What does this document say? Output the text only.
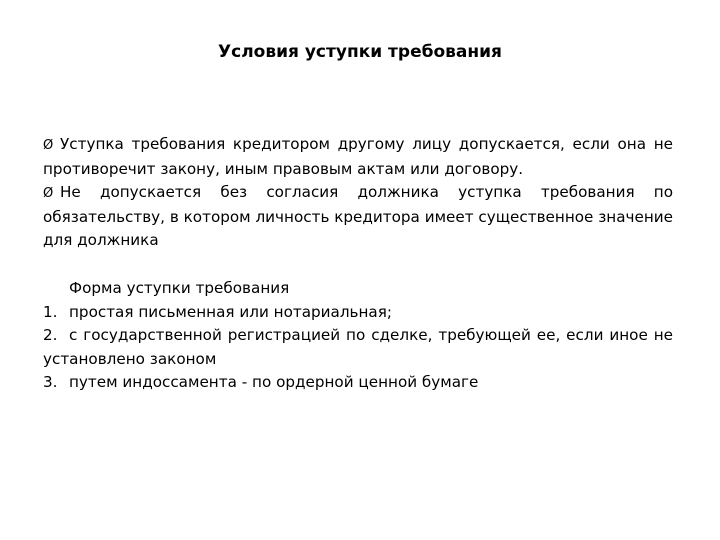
Условия уступки требования

Ø Уступка требования кредитором другому лицу допускается, если она не противоречит закону, иным правовым актам или договору.

Ø Не допускается без согласия должника уступка требования по обязательству, в котором личность кредитора имеет существенное значение для должника

Форма уступки требования

1. простая письменная или нотариальная;

2. с государственной регистрацией по сделке, требующей ее, если иное не установлено законом

3. путем индоссамента - по ордерной ценной бумаге
